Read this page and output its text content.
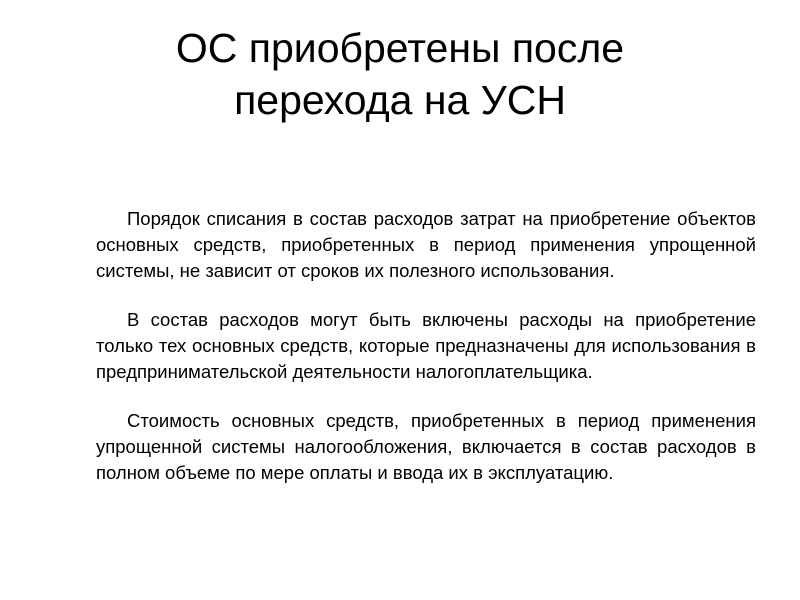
ОС приобретены после
перехода на УСН

Порядок списания в состав расходов затрат на приобретение объектов основных средств, приобретенных в период применения упрощенной системы, не зависит от сроков их полезного использования.

В состав расходов могут быть включены расходы на приобретение только тех основных средств, которые предназначены для использования в предпринимательской деятельности налогоплательщика.

Стоимость основных средств, приобретенных в период применения упрощенной системы налогообложения, включается в состав расходов в полном объеме по мере оплаты и ввода их в эксплуатацию.
